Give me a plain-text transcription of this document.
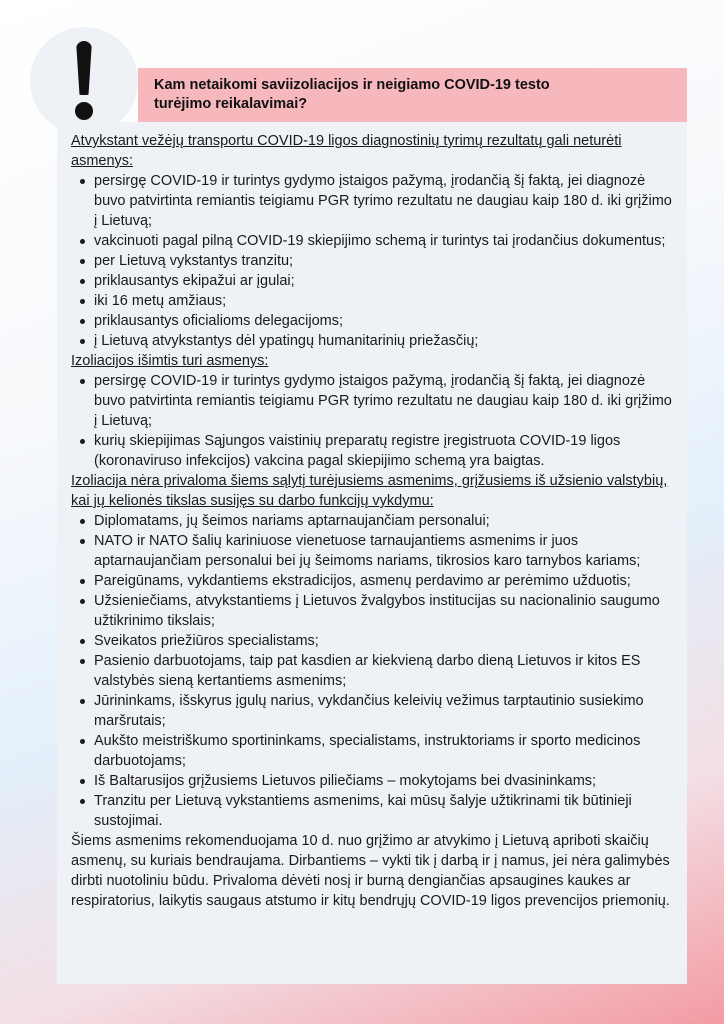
Kam netaikomi saviizoliacijos ir neigiamo COVID-19 testo
turėjimo reikalavimai?

Atvykstant vežėjų transportu COVID-19 ligos diagnostinių tyrimų rezultatų gali neturėti asmenys:

persirgę COVID-19 ir turintys gydymo įstaigos pažymą, įrodančią šį faktą, jei diagnozė buvo patvirtinta remiantis teigiamu PGR tyrimo rezultatu ne daugiau kaip 180 d. iki grįžimo į Lietuvą;
vakcinuoti pagal pilną COVID-19 skiepijimo schemą ir turintys tai įrodančius dokumentus;
per Lietuvą vykstantys tranzitu;
priklausantys ekipažui ar įgulai;
iki 16 metų amžiaus;
priklausantys oficialioms delegacijoms;
į Lietuvą atvykstantys dėl ypatingų humanitarinių priežasčių;

Izoliacijos išimtis turi asmenys:

persirgę COVID-19 ir turintys gydymo įstaigos pažymą, įrodančią šį faktą, jei diagnozė buvo patvirtinta remiantis teigiamu PGR tyrimo rezultatu ne daugiau kaip 180 d. iki grįžimo į Lietuvą;
kurių skiepijimas Sąjungos vaistinių preparatų registre įregistruota COVID-19 ligos (koronaviruso infekcijos) vakcina pagal skiepijimo schemą yra baigtas.

Izoliacija nėra privaloma šiems sąlytį turėjusiems asmenims, grįžusiems iš užsienio valstybių, kai jų kelionės tikslas susijęs su darbo funkcijų vykdymu:

Diplomatams, jų šeimos nariams aptarnaujančiam personalui;
NATO ir NATO šalių kariniuose vienetuose tarnaujantiems asmenims ir juos aptarnaujančiam personalui bei jų šeimoms nariams, tikrosios karo tarnybos kariams;
Pareigūnams, vykdantiems ekstradicijos, asmenų perdavimo ar perėmimo užduotis;
Užsieniečiams, atvykstantiems į Lietuvos žvalgybos institucijas su nacionalinio saugumo užtikrinimo tikslais;
Sveikatos priežiūros specialistams;
Pasienio darbuotojams, taip pat kasdien ar kiekvieną darbo dieną Lietuvos ir kitos ES valstybės sieną kertantiems asmenims;
Jūrininkams, išskyrus įgulų narius, vykdančius keleivių vežimus tarptautinio susiekimo maršrutais;
Aukšto meistriškumo sportininkams, specialistams, instruktoriams ir sporto medicinos darbuotojams;
Iš Baltarusijos grįžusiems Lietuvos piliečiams – mokytojams bei dvasininkams;
Tranzitu per Lietuvą vykstantiems asmenims, kai mūsų šalyje užtikrinami tik būtinieji sustojimai.

Šiems asmenims rekomenduojama 10 d. nuo grįžimo ar atvykimo į Lietuvą apriboti skaičių asmenų, su kuriais bendraujama. Dirbantiems – vykti tik į darbą ir į namus, jei nėra galimybės dirbti nuotoliniu būdu. Privaloma dėvėti nosį ir burną dengiančias apsaugines kaukes ar respiratorius, laikytis saugaus atstumo ir kitų bendrųjų COVID-19 ligos prevencijos priemonių.
